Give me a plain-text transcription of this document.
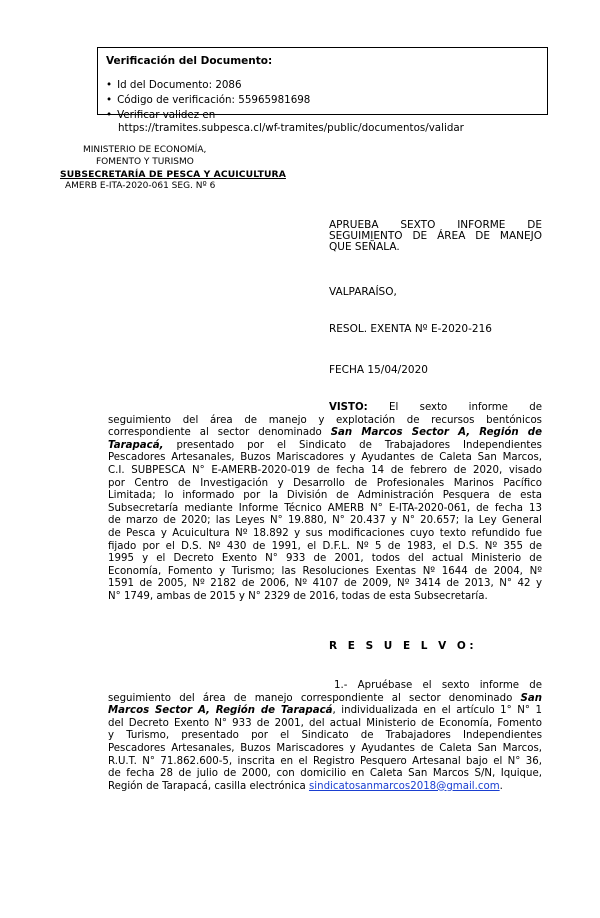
Verificación del Documento:
• Id del Documento: 2086
• Código de verificación: 55965981698
• Verificar validez en
https://tramites.subpesca.cl/wf-tramites/public/documentos/validar
MINISTERIO DE ECONOMÍA,
FOMENTO Y TURISMO
SUBSECRETARÍA DE PESCA Y ACUICULTURA
AMERB E-ITA-2020-061 SEG. Nº 6
APRUEBA SEXTO INFORME DE
SEGUIMIENTO DE ÁREA DE MANEJO
QUE SEÑALA.
VALPARAÍSO,
RESOL. EXENTA Nº E-2020-216
FECHA 15/04/2020
VISTO: El sexto informe de
seguimiento del área de manejo y explotación de recursos bentónicos
correspondiente al sector denominado San Marcos Sector A, Región de
Tarapacá, presentado por el Sindicato de Trabajadores Independientes
Pescadores Artesanales, Buzos Mariscadores y Ayudantes de Caleta San Marcos,
C.I. SUBPESCA N° E-AMERB-2020-019 de fecha 14 de febrero de 2020, visado
por Centro de Investigación y Desarrollo de Profesionales Marinos Pacífico
Limitada; lo informado por la División de Administración Pesquera de esta
Subsecretaría mediante Informe Técnico AMERB N° E-ITA-2020-061, de fecha 13
de marzo de 2020; las Leyes N° 19.880, N° 20.437 y N° 20.657; la Ley General
de Pesca y Acuicultura Nº 18.892 y sus modificaciones cuyo texto refundido fue
fijado por el D.S. Nº 430 de 1991, el D.F.L. Nº 5 de 1983, el D.S. Nº 355 de
1995 y el Decreto Exento N° 933 de 2001, todos del actual Ministerio de
Economía, Fomento y Turismo; las Resoluciones Exentas Nº 1644 de 2004, Nº
1591 de 2005, Nº 2182 de 2006, Nº 4107 de 2009, Nº 3414 de 2013, N° 42 y
N° 1749, ambas de 2015 y N° 2329 de 2016, todas de esta Subsecretaría.
R E S U E L V O:
1.- Apruébase el sexto informe de
seguimiento del área de manejo correspondiente al sector denominado San
Marcos Sector A, Región de Tarapacá, individualizada en el artículo 1° N° 1
del Decreto Exento N° 933 de 2001, del actual Ministerio de Economía, Fomento
y Turismo, presentado por el Sindicato de Trabajadores Independientes
Pescadores Artesanales, Buzos Mariscadores y Ayudantes de Caleta San Marcos,
R.U.T. N° 71.862.600-5, inscrita en el Registro Pesquero Artesanal bajo el N° 36,
de fecha 28 de julio de 2000, con domicilio en Caleta San Marcos S/N, Iquique,
Región de Tarapacá, casilla electrónica sindicatosanmarcos2018@gmail.com.
